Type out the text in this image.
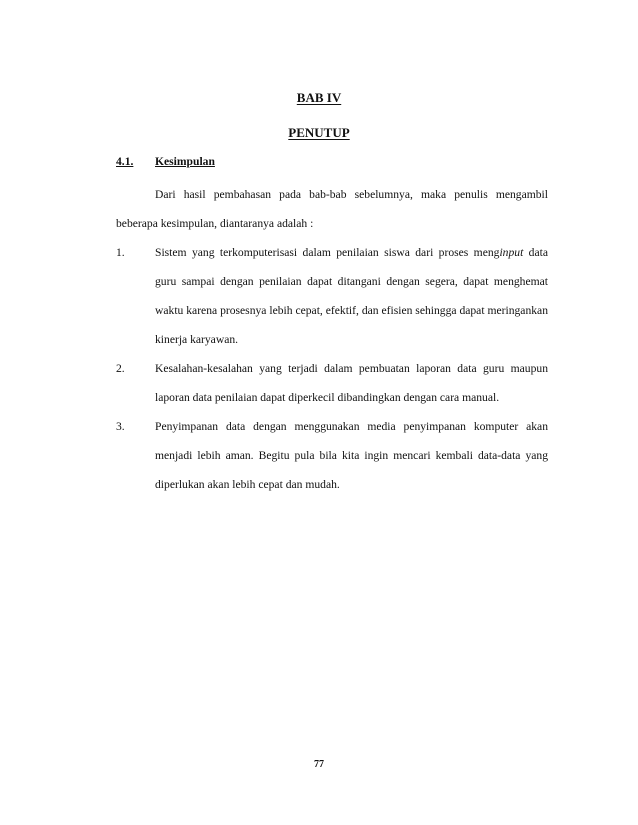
BAB IV
PENUTUP
4.1. Kesimpulan
Dari hasil pembahasan pada bab-bab sebelumnya, maka penulis mengambil beberapa kesimpulan, diantaranya adalah :
1.	Sistem yang terkomputerisasi dalam penilaian siswa dari proses menginput data guru sampai dengan penilaian dapat ditangani dengan segera, dapat menghemat waktu karena prosesnya lebih cepat, efektif, dan efisien sehingga dapat meringankan kinerja karyawan.
2.	Kesalahan-kesalahan yang terjadi dalam pembuatan laporan data guru maupun laporan data penilaian dapat diperkecil dibandingkan dengan cara manual.
3.	Penyimpanan data dengan menggunakan media penyimpanan komputer akan menjadi lebih aman. Begitu pula bila kita ingin mencari kembali data-data yang diperlukan akan lebih cepat dan mudah.
77
